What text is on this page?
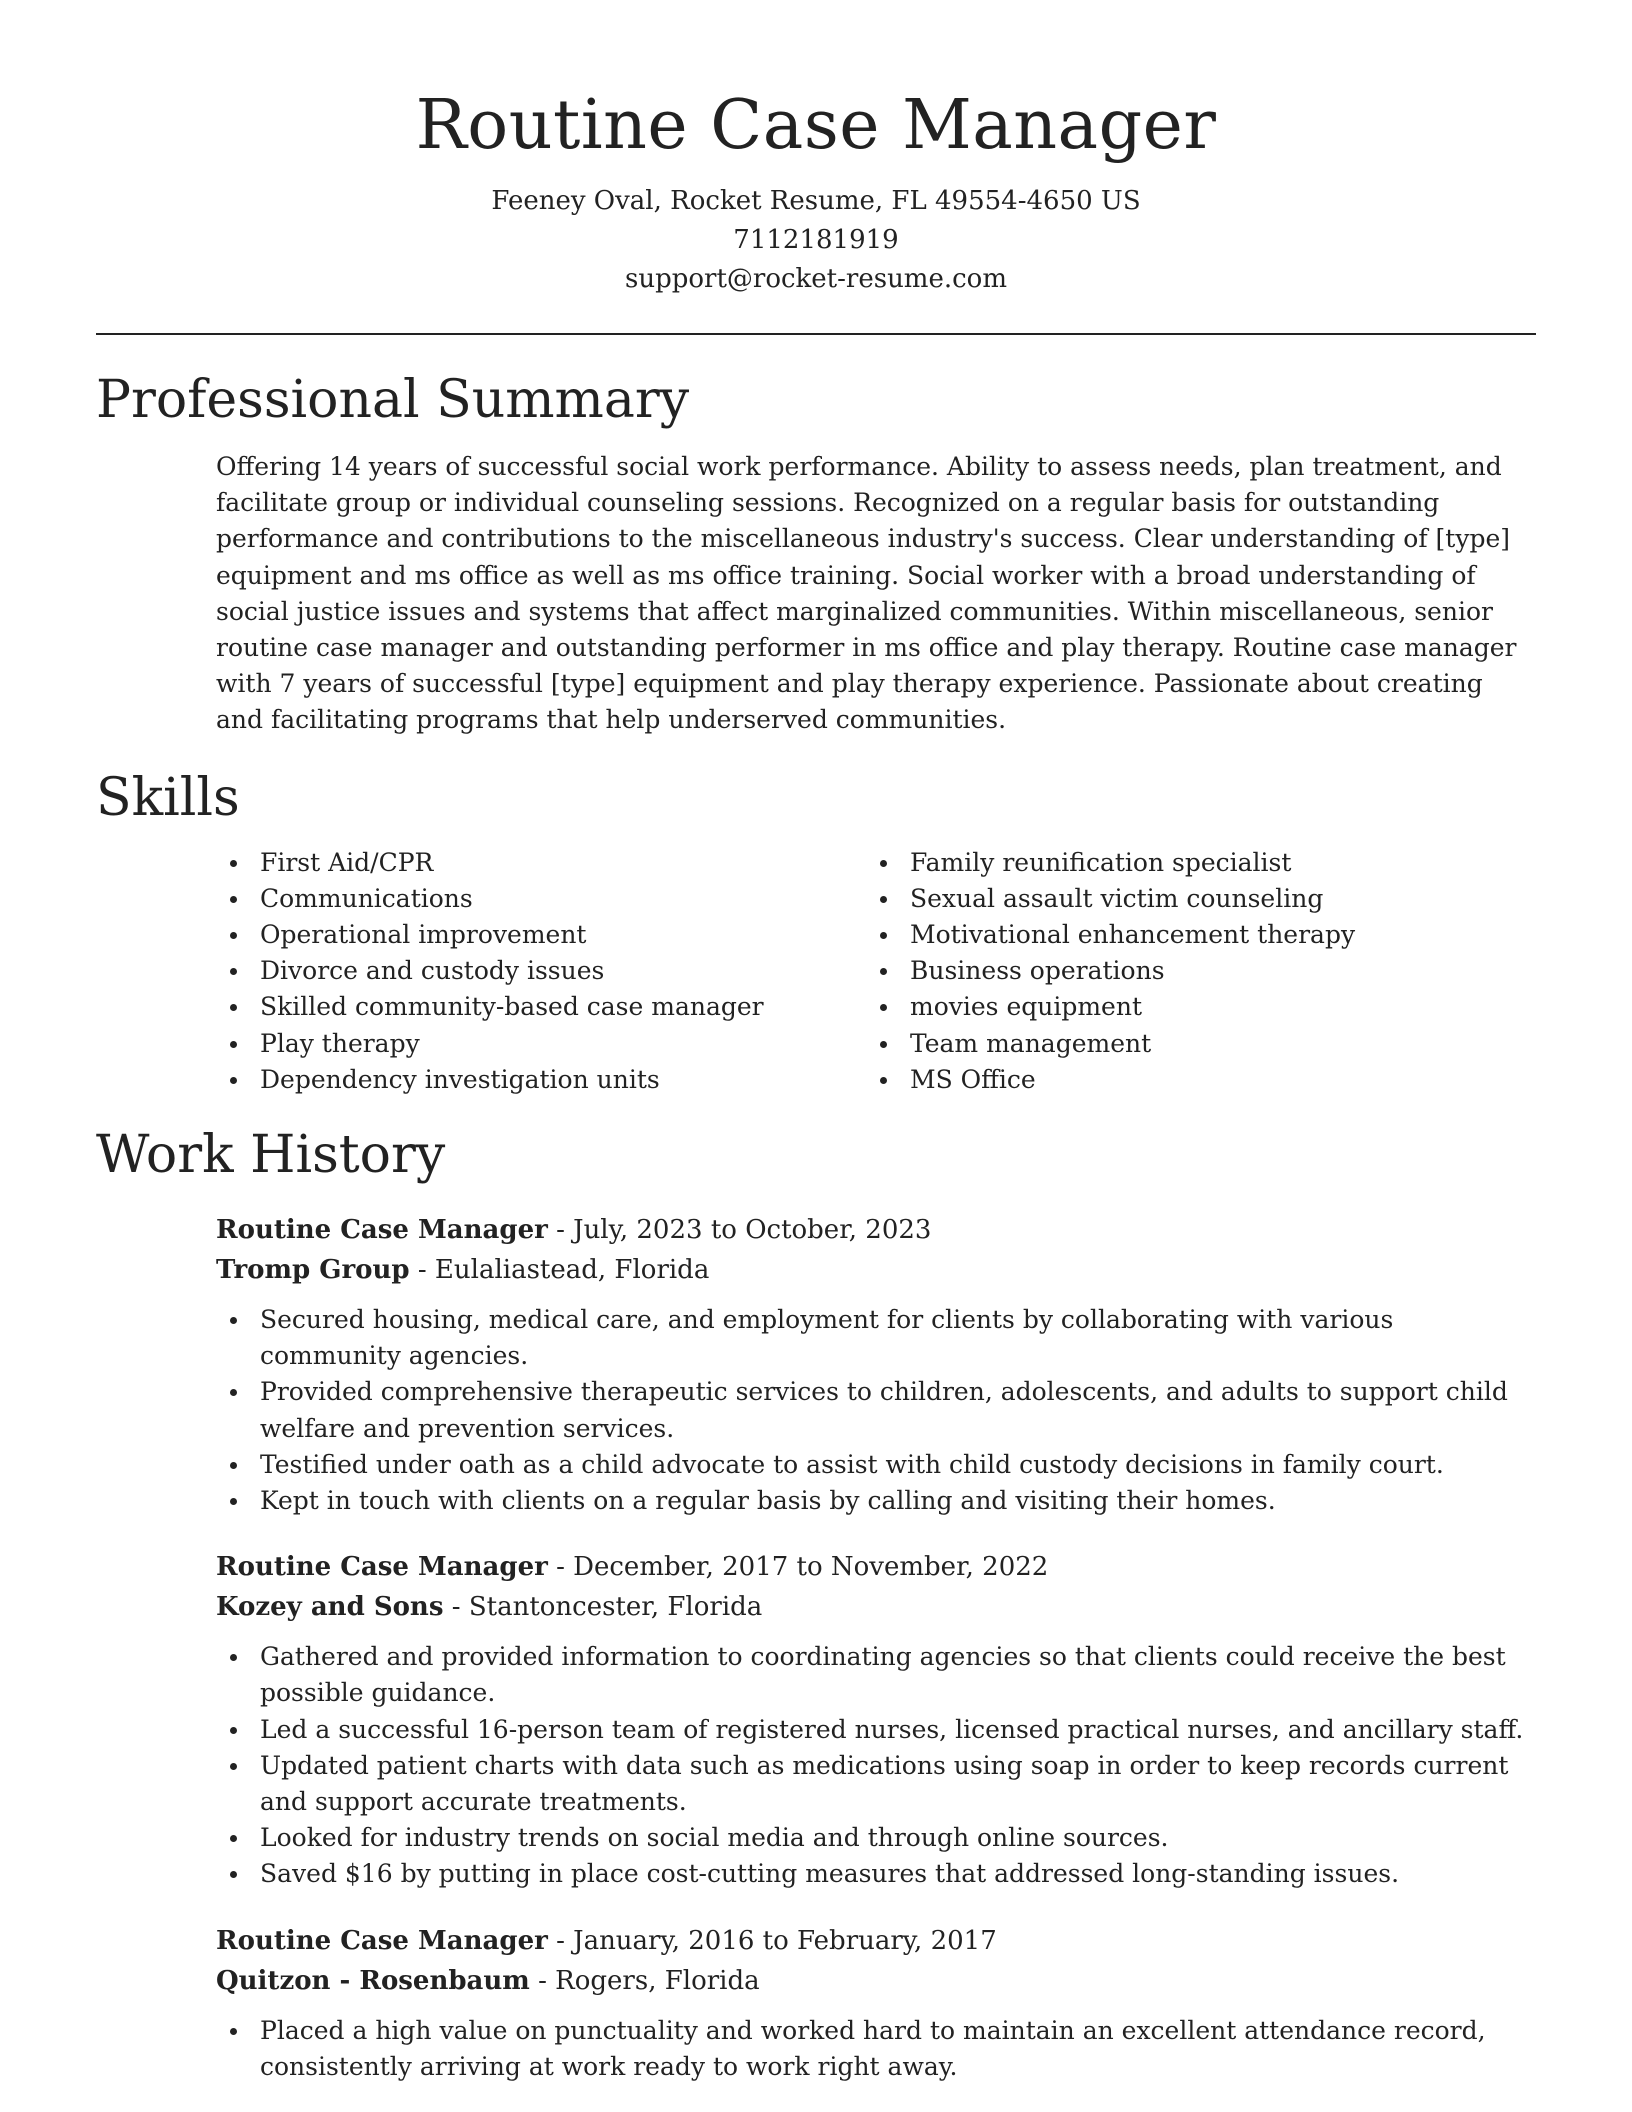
Routine Case Manager
Feeney Oval, Rocket Resume, FL 49554-4650 US
7112181919
support@rocket-resume.com
Professional Summary

Offering 14 years of successful social work performance. Ability to assess needs, plan treatment, and facilitate group or individual counseling sessions. Recognized on a regular basis for outstanding performance and contributions to the miscellaneous industry's success. Clear understanding of [type] equipment and ms office as well as ms office training. Social worker with a broad understanding of social justice issues and systems that affect marginalized communities. Within miscellaneous, senior routine case manager and outstanding performer in ms office and play therapy. Routine case manager with 7 years of successful [type] equipment and play therapy experience. Passionate about creating and facilitating programs that help underserved communities.

Skills
First Aid/CPR
Communications
Operational improvement
Divorce and custody issues
Skilled community-based case manager
Play therapy
Dependency investigation units
Family reunification specialist
Sexual assault victim counseling
Motivational enhancement therapy
Business operations
movies equipment
Team management
MS Office
Work History
Routine Case Manager - July, 2023 to October, 2023
Tromp Group - Eulaliastead, Florida
Secured housing, medical care, and employment for clients by collaborating with various community agencies.
Provided comprehensive therapeutic services to children, adolescents, and adults to support child welfare and prevention services.
Testified under oath as a child advocate to assist with child custody decisions in family court.
Kept in touch with clients on a regular basis by calling and visiting their homes.
Routine Case Manager - December, 2017 to November, 2022
Kozey and Sons - Stantoncester, Florida
Gathered and provided information to coordinating agencies so that clients could receive the best possible guidance.
Led a successful 16-person team of registered nurses, licensed practical nurses, and ancillary staff.
Updated patient charts with data such as medications using soap in order to keep records current and support accurate treatments.
Looked for industry trends on social media and through online sources.
Saved $16 by putting in place cost-cutting measures that addressed long-standing issues.
Routine Case Manager - January, 2016 to February, 2017
Quitzon - Rosenbaum - Rogers, Florida
Placed a high value on punctuality and worked hard to maintain an excellent attendance record, consistently arriving at work ready to work right away.
